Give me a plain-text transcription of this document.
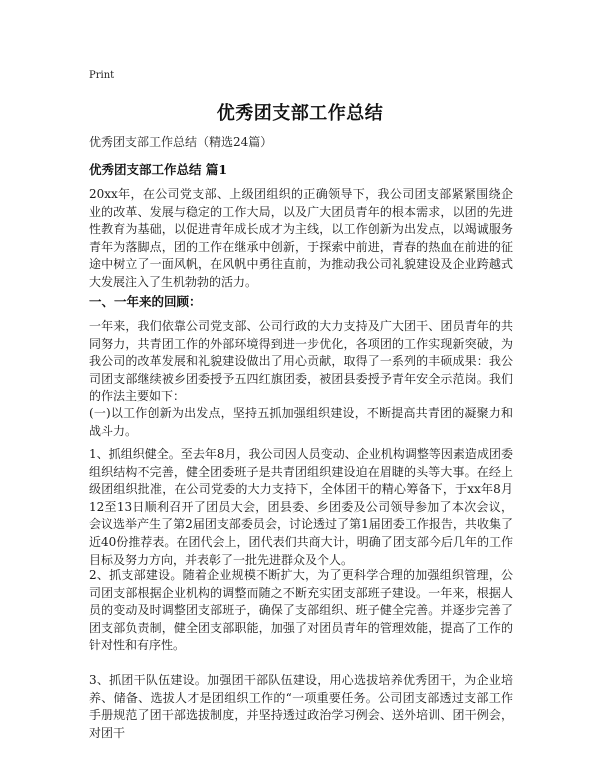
Print
优秀团支部工作总结
优秀团支部工作总结（精选24篇）
优秀团支部工作总结 篇1
20xx年，在公司党支部、上级团组织的正确领导下，我公司团支部紧紧围绕企业的改革、发展与稳定的工作大局，以及广大团员青年的根本需求，以团的先进性教育为基础，以促进青年成长成才为主线，以工作创新为出发点，以竭诚服务青年为落脚点，团的工作在继承中创新，于探索中前进，青春的热血在前进的征途中树立了一面风帆，在风帆中勇往直前，为推动我公司礼貌建设及企业跨越式大发展注入了生机勃勃的活力。
一、一年来的回顾：
一年来，我们依靠公司党支部、公司行政的大力支持及广大团干、团员青年的共同努力，共青团工作的外部环境得到进一步优化，各项团的工作实现新突破，为我公司的改革发展和礼貌建设做出了用心贡献，取得了一系列的丰硕成果：我公司团支部继续被乡团委授予五四红旗团委，被团县委授予青年安全示范岗。我们的作法主要如下：
(一)以工作创新为出发点，坚持五抓加强组织建设，不断提高共青团的凝聚力和战斗力。
1、抓组织健全。至去年8月，我公司因人员变动、企业机构调整等因素造成团委组织结构不完善，健全团委班子是共青团组织建设迫在眉睫的头等大事。在经上级团组织批准，在公司党委的大力支持下，全体团干的精心筹备下，于xx年8月12至13日顺利召开了团员大会，团县委、乡团委及公司领导参加了本次会议，会议选举产生了第2届团支部委员会，讨论透过了第1届团委工作报告，共收集了近40份推荐表。在团代会上，团代表们共商大计，明确了团支部今后几年的工作目标及努力方向，并表彰了一批先进群众及个人。
2、抓支部建设。随着企业规模不断扩大，为了更科学合理的加强组织管理，公司团支部根据企业机构的调整而随之不断充实团支部班子建设。一年来，根据人员的变动及时调整团支部班子，确保了支部组织、班子健全完善。并逐步完善了团支部负责制，健全团支部职能，加强了对团员青年的管理效能，提高了工作的针对性和有序性。
3、抓团干队伍建设。加强团干部队伍建设，用心选拔培养优秀团干，为企业培养、储备、选拔人才是团组织工作的“一项重要任务。公司团支部透过支部工作手册规范了团干部选拔制度，并坚持透过政治学习例会、送外培训、团干例会，对团干
